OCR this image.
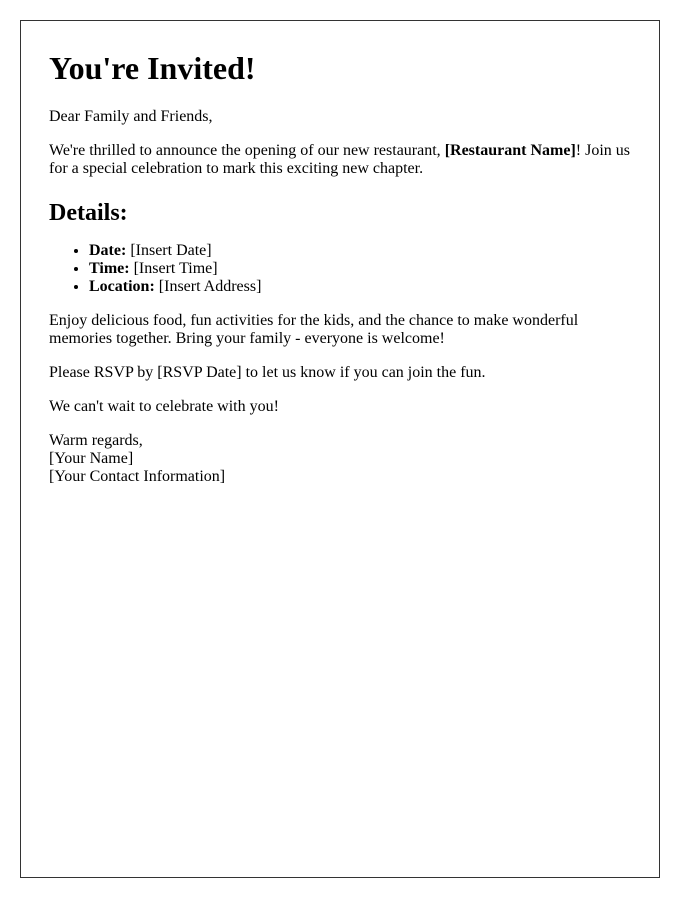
You're Invited!

Dear Family and Friends,

We're thrilled to announce the opening of our new restaurant, [Restaurant Name]! Join us for a special celebration to mark this exciting new chapter.

Details:
• Date: [Insert Date]
• Time: [Insert Time]
• Location: [Insert Address]

Enjoy delicious food, fun activities for the kids, and the chance to make wonderful memories together. Bring your family - everyone is welcome!

Please RSVP by [RSVP Date] to let us know if you can join the fun.

We can't wait to celebrate with you!

Warm regards,

[Your Name]

[Your Contact Information]
